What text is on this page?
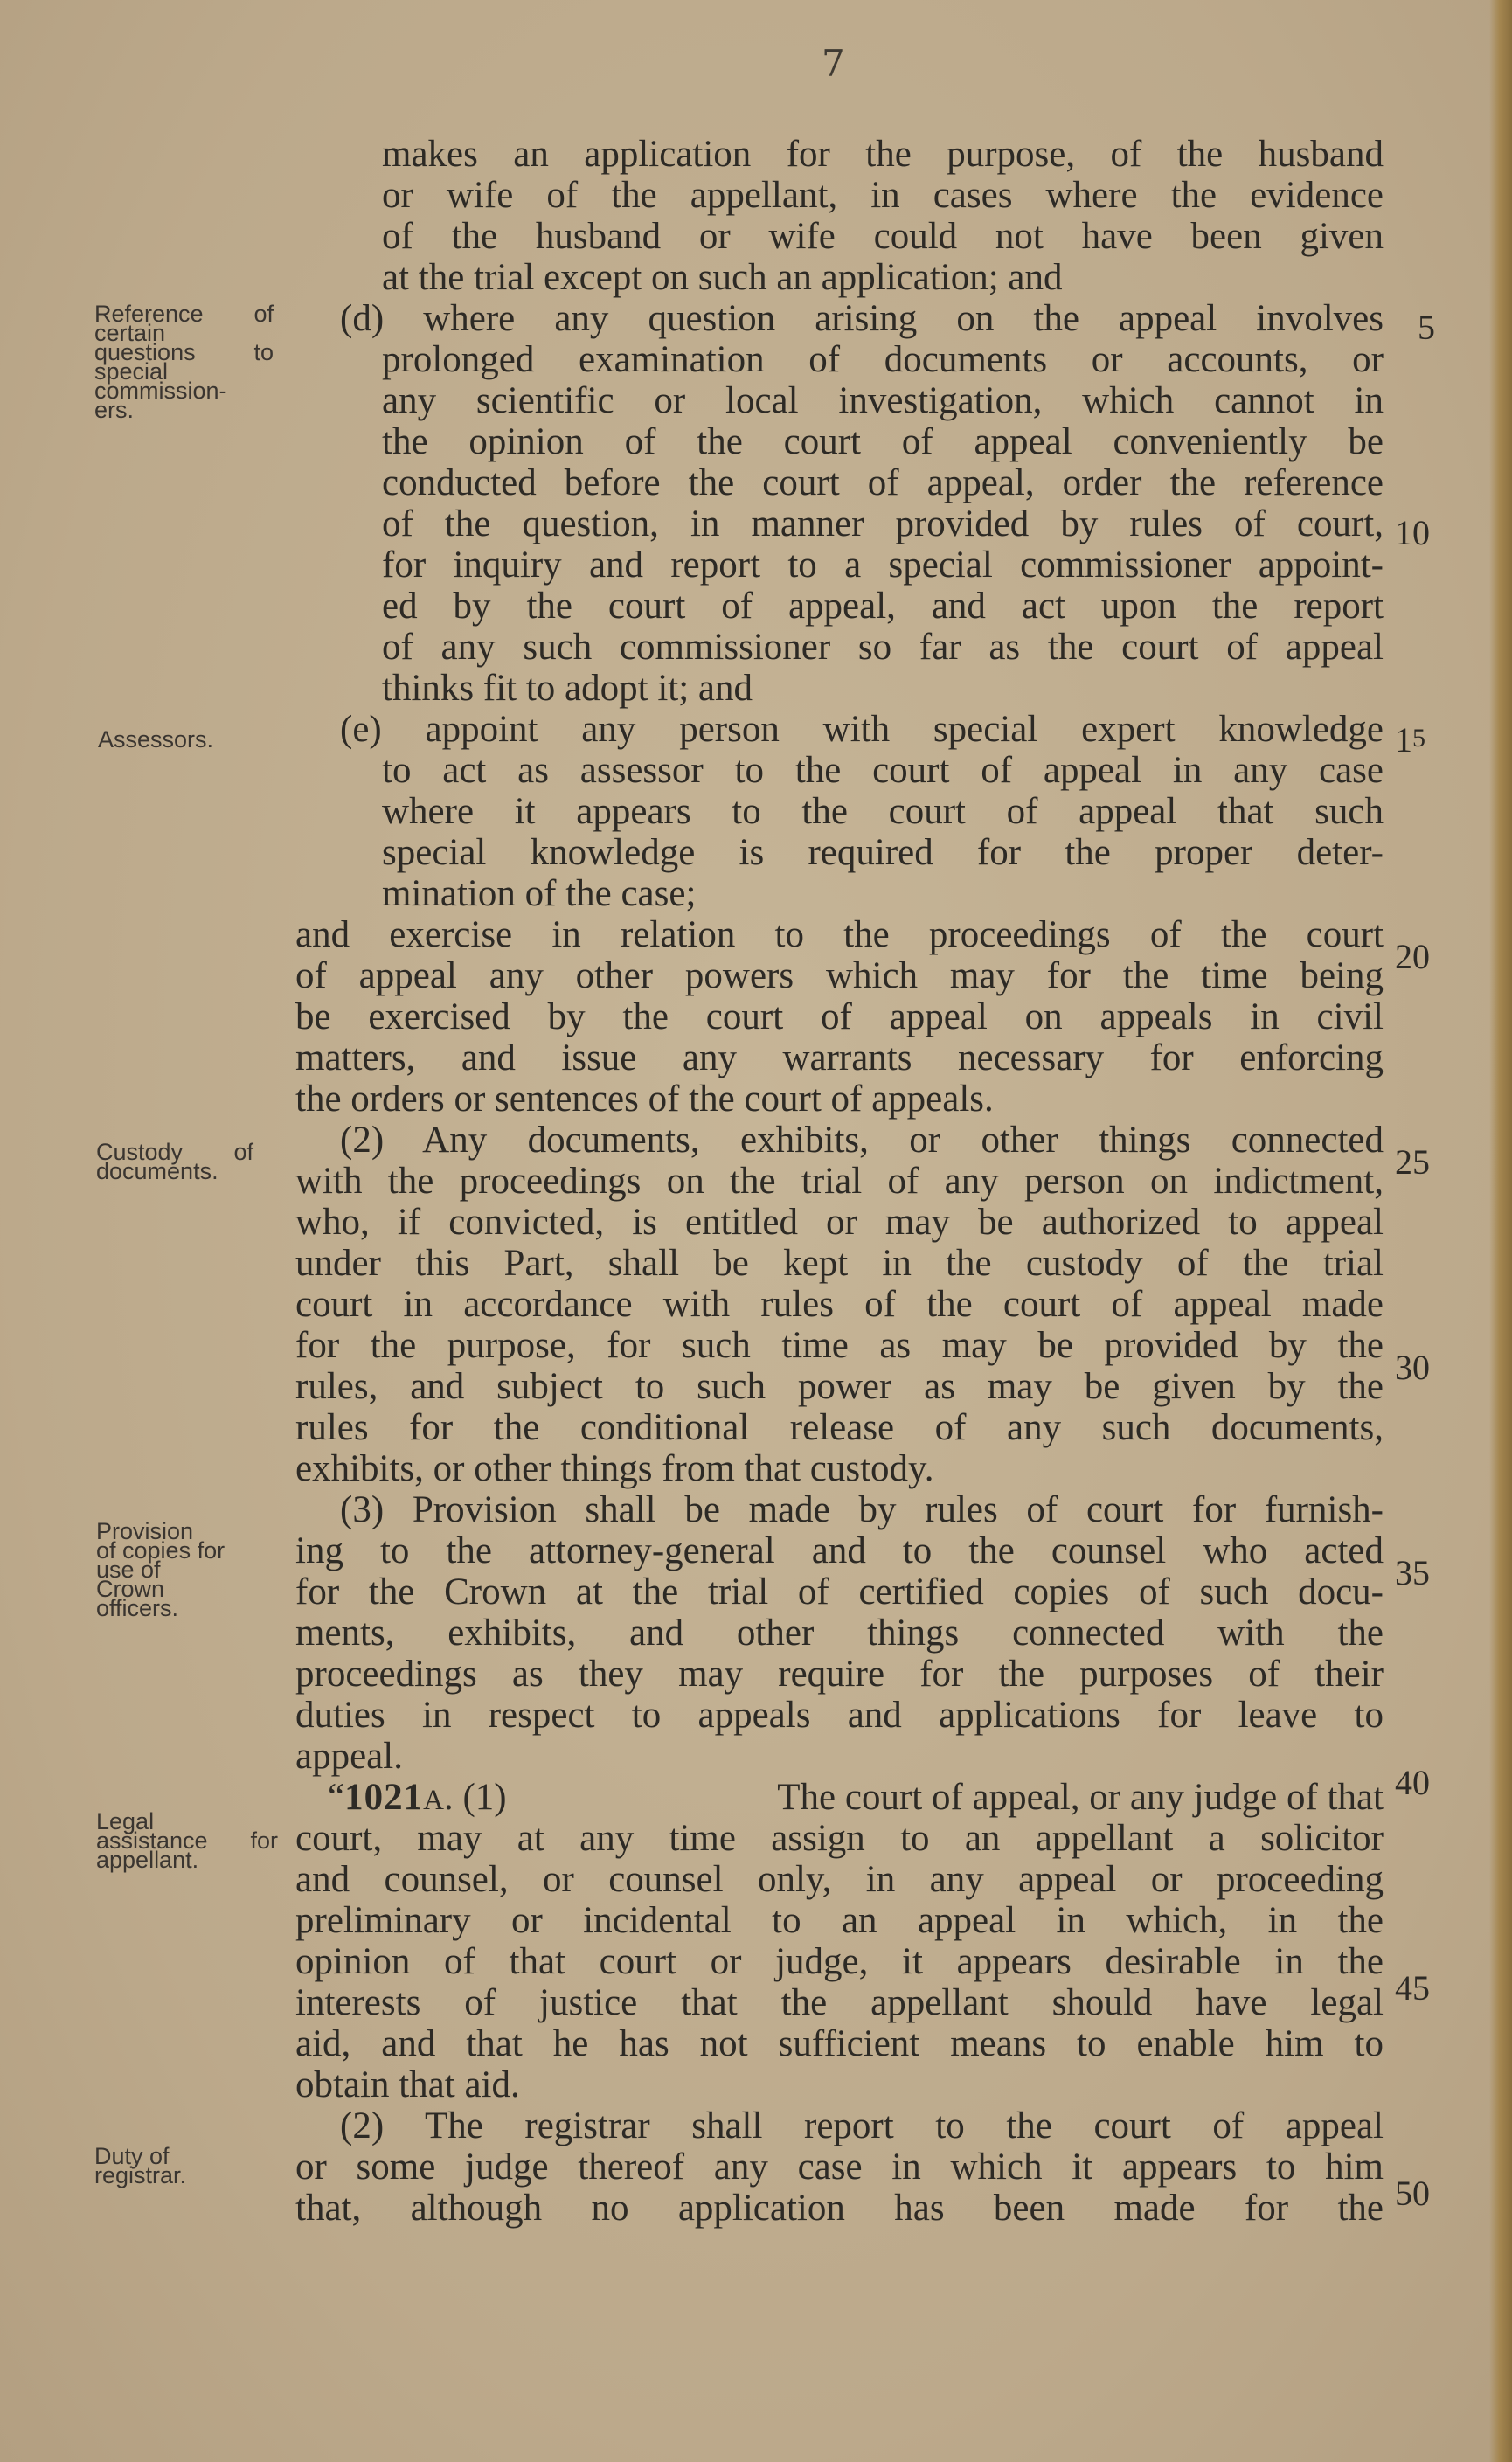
7

makes an application for the purpose, of the husband

or wife of the appellant, in cases where the evidence

of the husband or wife could not have been given

at the trial except on such an application; and

(d) where any question arising on the appeal involves

prolonged examination of documents or accounts, or

any scientific or local investigation, which cannot in

the opinion of the court of appeal conveniently be

conducted before the court of appeal, order the reference

of the question, in manner provided by rules of court,

for inquiry and report to a special commissioner appoint-

ed by the court of appeal, and act upon the report

of any such commissioner so far as the court of appeal

thinks fit to adopt it; and

(e) appoint any person with special expert knowledge

to act as assessor to the court of appeal in any case

where it appears to the court of appeal that such

special knowledge is required for the proper deter-

mination of the case;

and exercise in relation to the proceedings of the court

of appeal any other powers which may for the time being

be exercised by the court of appeal on appeals in civil

matters, and issue any warrants necessary for enforcing

the orders or sentences of the court of appeals.

(2) Any documents, exhibits, or other things connected

with the proceedings on the trial of any person on indictment,

who, if convicted, is entitled or may be authorized to appeal

under this Part, shall be kept in the custody of the trial

court in accordance with rules of the court of appeal made

for the purpose, for such time as may be provided by the

rules, and subject to such power as may be given by the

rules for the conditional release of any such documents,

exhibits, or other things from that custody.

(3) Provision shall be made by rules of court for furnish-

ing to the attorney-general and to the counsel who acted

for the Crown at the trial of certified copies of such docu-

ments, exhibits, and other things connected with the

proceedings as they may require for the purposes of their

duties in respect to appeals and applications for leave to

appeal.

“1021A. (1)	The court of appeal, or any judge of that

court, may at any time assign to an appellant a solicitor

and counsel, or counsel only, in any appeal or proceeding

preliminary or incidental to an appeal in which, in the

opinion of that court or judge, it appears desirable in the

interests of justice that the appellant should have legal

aid, and that he has not sufficient means to enable him to

obtain that aid.

(2) The registrar shall report to the court of appeal

or some judge thereof any case in which it appears to him

that, although no application has been made for the

5
10
15
20
25
30
35
40
45
50
Reference of
certain
questions to
special
commission-
ers.
Assessors.
Custody of
documents.
Provision
of copies for
use of
Crown
officers.
Legal
assistance for
appellant.
Duty of
registrar.
